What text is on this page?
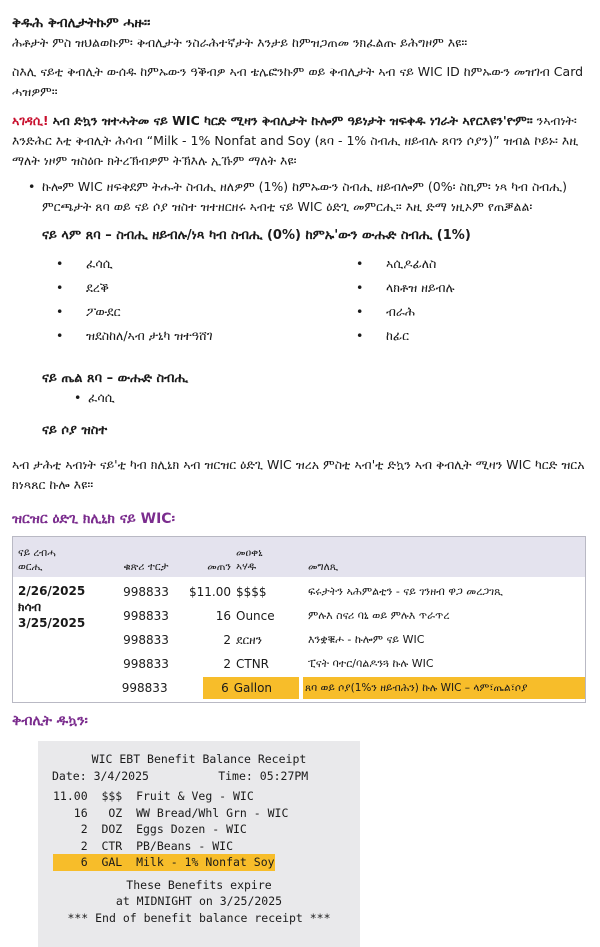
ቅዱሕ ቅብሊታትኩም ሓዙ፡፡
ሕቶታት ምስ ዝህልወኩም፡ ቅብሊታት ንስራሕተኛታት እንታይ ከምዝጋጠመ ንክፈልጡ ይሕግዞም እዩ።
ስእሊ ናይቲ ቅብሊት ውሰዱ ከምኡውን ዓቕብዎ ኣብ ቴሌፎንኩም ወይ ቅብሊታት ኣብ ናይ WIC ID ከምኡውን መዝገብ Card ሓዝዎም።
ኣገዳሲ! ኣብ ድኳን ዝተሓትመ ናይ WIC ካርድ ሚዛን ቅብሊታት ኩሎም ዓይነታት ዝፍቀዱ ነገራት ኣየርእዩን'ዮም። ንኣብነት፡ እንድሕር እቲ ቅብሊት ሕሳብ “Milk - 1% Nonfat and Soy (ጸባ - 1% ስብሒ ዘይብሉ ጸባን ሶያን)” ዝብል ኮይኑ፡ እዚ ማለት ነዞም ዝስዕቡ ክትረኽብዎም ትኽእሉ ኢኹም ማለት እዩ፡
• ኩሎም WIC ዘፍቅደም ትሑት ስብሒ ዘለዎም (1%) ከምኡውን ስብሒ ዘይብሎም (0%፡ ስኪም፡ ነጻ ካብ ስብሒ) ምርጫታት ጸባ ወይ ናይ ሶያ ዝስተ ዝተዘርዘሩ ኣብቲ ናይ WIC ዕድጊ መምርሒ። እዚ ድማ ነዚኦም የጠቓልል፡
ናይ ላም ጸባ – ስብሒ ዘይብሉ/ነጻ ካብ ስብሒ (0%) ከምኡ'ውን ውሑድ ስብሒ (1%)
• ፈሳሲ	• ኣሲዶፊለስ
• ደረቕ	• ላክቶዝ ዘይብሉ
• ፖውደር	• ብራሕ
• ዝደስከለ/ኣብ ታኒካ ዝተዓሸገ	• ከፊር
ናይ ጤል ጸባ – ውሑድ ስብሒ
• ፈሳሲ
ናይ ሶያ ዝስተ
ኣብ ታሕቲ ኣብነት ናይ'ቲ ካብ ክሊኒክ ኣብ ዝርዝር ዕድጊ WIC ዝረአ ምስቲ ኣብ'ቲ ድኳን ኣብ ቅብሊት ሚዛን WIC ካርድ ዝርአ ክነጻጸር ኩሎ እዩ።
ዝርዝር ዕድጊ ክሊኒክ ናይ WIC፡
ናይ ረብሓ
ወርሒ	ቁጽሪ ተርታ	መጠን
መዐቀኒ
ኣሃዱ	መግለጺ
2/26/2025
ክሳብ
3/25/2025
998833	$11.00 $$$$	ፍሩታትን ኣሕምልቲን - ናይ ገንዘብ ዋጋ መረጋገጺ
998833	16 Ounce	ምሉእ ስናሪ ባኒ ወይ ምሉእ ጥራጥረ
998833	2 ደርዘን	እንቋቑሖ - ኩሎም ናይ WIC
998833	2 CTNR	ፒናት ባተር/ባልዶንጓ ኩሉ WIC
998833	6 Gallon	ጸባ ወይ ሶያ(1%ን ዘይብሕን) ኩሉ WIC – ላም፣ጤል፣ሶያ
ቅብሊት ዱኳን፡
WIC EBT Benefit Balance Receipt
Date: 3/4/2025	Time: 05:27PM
11.00  $$$  Fruit & Veg - WIC
16   OZ  WW Bread/Whl Grn - WIC
2  DOZ  Eggs Dozen - WIC
2  CTR  PB/Beans - WIC
6  GAL  Milk - 1% Nonfat Soy
These Benefits expire
at MIDNIGHT on 3/25/2025
*** End of benefit balance receipt ***
